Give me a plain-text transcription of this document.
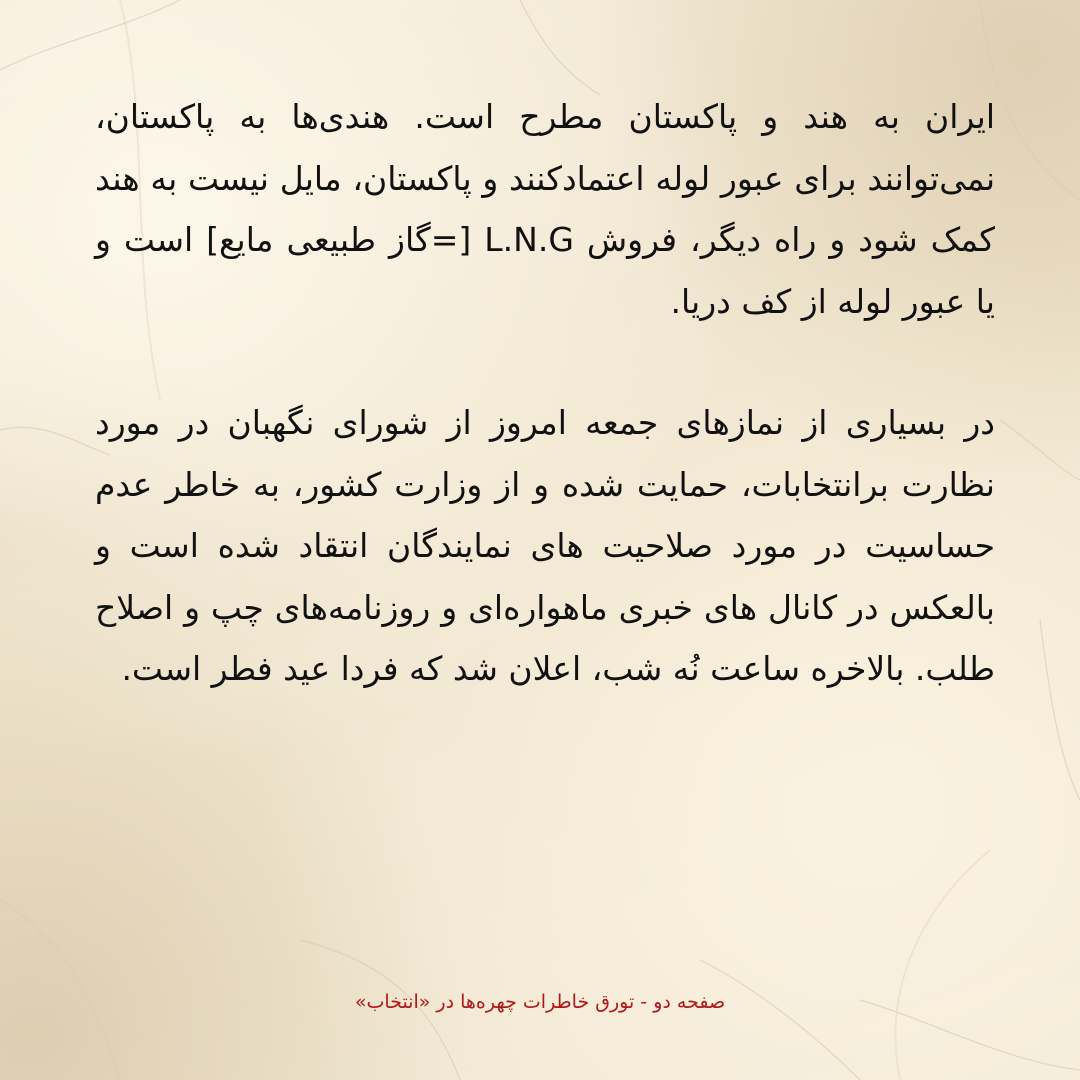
ایران به هند و پاکستان مطرح است. هندی‌ها به پاکستان، نمی‌توانند برای عبور لوله اعتمادکنند و پاکستان، مایل نیست به هند کمک شود و راه دیگر، فروش L.N.G [=گاز طبیعی مایع] است و یا عبور لوله از کف دریا.

در بسیاری از نمازهای جمعه امروز از شورای نگهبان در مورد نظارت برانتخابات، حمایت شده و از وزارت کشور، به خاطر عدم حساسیت در مورد صلاحیت های نمایندگان انتقاد شده است و بالعکس در کانال های خبری ماهواره‌ای و روزنامه‌های چپ و اصلاح طلب. بالاخره ساعت نُه شب، اعلان شد که فردا عید فطر است.

صفحه دو - تورق خاطرات چهره‌ها در «انتخاب»
